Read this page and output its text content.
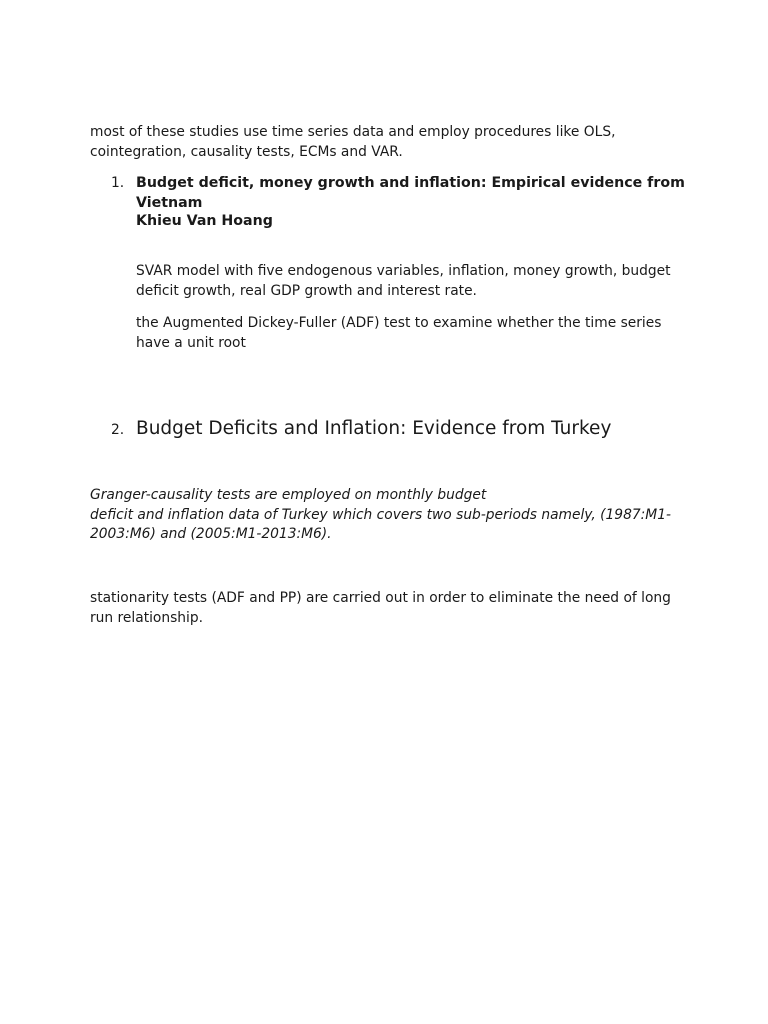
most of these studies use time series data and employ procedures like OLS,
cointegration, causality tests, ECMs and VAR.

1. Budget deficit, money growth and inflation: Empirical evidence from
Vietnam
Khieu Van Hoang

SVAR model with five endogenous variables, inflation, money growth, budget
deficit growth, real GDP growth and interest rate.

the Augmented Dickey-Fuller (ADF) test to examine whether the time series
have a unit root

2. Budget Deficits and Inflation: Evidence from Turkey

Granger-causality tests are employed on monthly budget
deficit and inflation data of Turkey which covers two sub-periods namely, (1987:M1-
2003:M6) and (2005:M1-2013:M6).

stationarity tests (ADF and PP) are carried out in order to eliminate the need of long
run relationship.
